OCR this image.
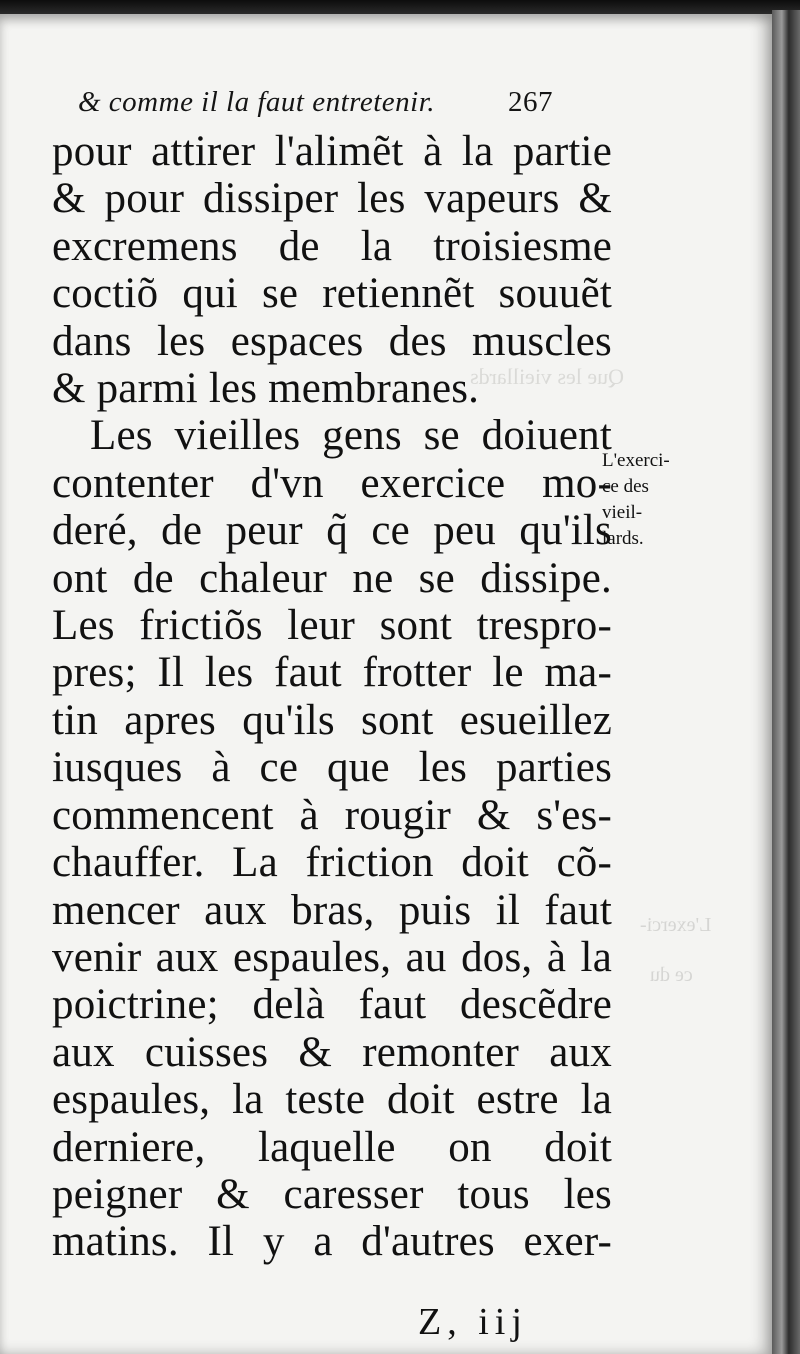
Que les vieillards
L'exerci-
ce du
& comme il la faut entretenir.	267
pour attirer l'alimẽt à la partie
& pour dissiper les vapeurs &
excremens de la troisiesme
coctiõ qui se retiennẽt souuẽt
dans les espaces des muscles
& parmi les membranes.
Les vieilles gens se doiuent
contenter d'vn exercice mo-
deré, de peur q̃ ce peu qu'ils
ont de chaleur ne se dissipe.
Les frictiõs leur sont trespro-
pres; Il les faut frotter le ma-
tin apres qu'ils sont esueillez
iusques à ce que les parties
commencent à rougir & s'es-
chauffer. La friction doit cõ-
mencer aux bras, puis il faut
venir aux espaules, au dos, à la
poictrine; delà faut descẽdre
aux cuisses & remonter aux
espaules, la teste doit estre la
derniere, laquelle on doit
peigner & caresser tous les
matins. Il y a d'autres exer-
L'exerci-
ce des
vieil-
lards.
Z, iij
